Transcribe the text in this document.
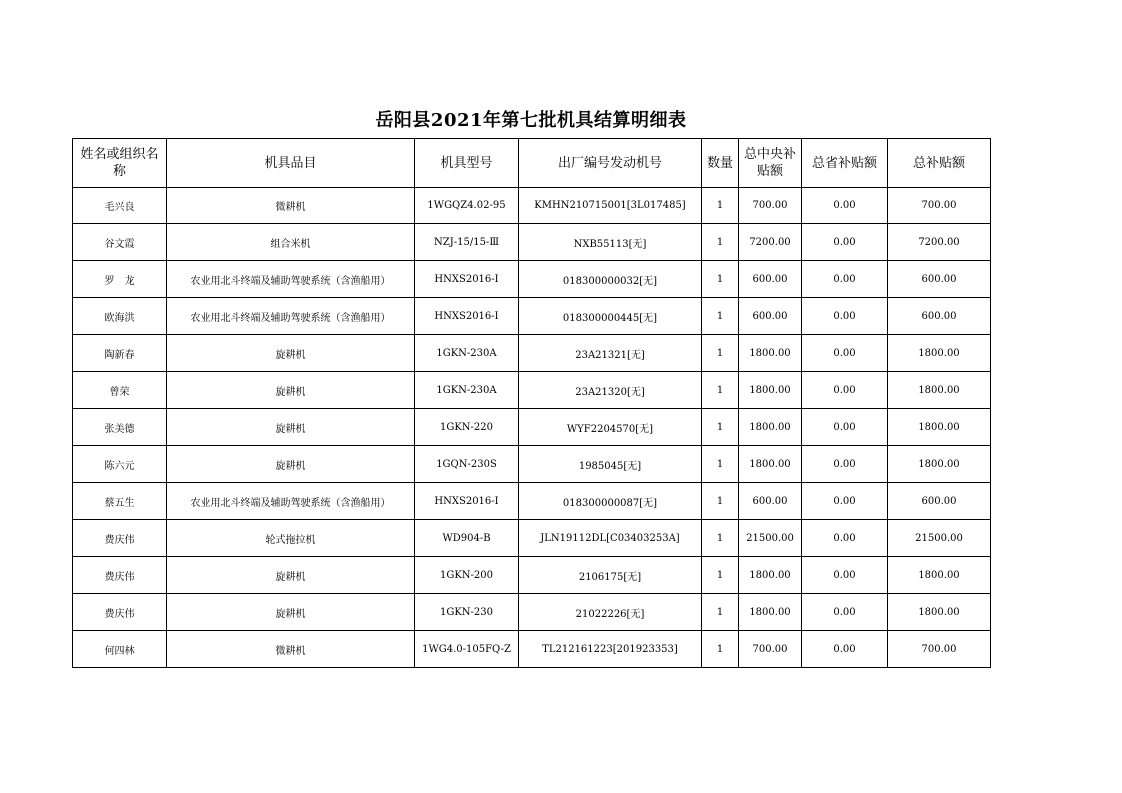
岳阳县2021年第七批机具结算明细表
姓名或组织名称	机具品目	机具型号	出厂编号发动机号	数量	总中央补贴额	总省补贴额	总补贴额
毛兴良	微耕机	1WGQZ4.02-95	KMHN210715001[3L017485]	1	700.00	0.00	700.00
谷文霞	组合米机	NZJ-15/15-Ⅲ	NXB55113[无]	1	7200.00	0.00	7200.00
罗　龙	农业用北斗终端及辅助驾驶系统（含渔船用）	HNXS2016-I	018300000032[无]	1	600.00	0.00	600.00
欧海洪	农业用北斗终端及辅助驾驶系统（含渔船用）	HNXS2016-I	018300000445[无]	1	600.00	0.00	600.00
陶新春	旋耕机	1GKN-230A	23A21321[无]	1	1800.00	0.00	1800.00
曾荣	旋耕机	1GKN-230A	23A21320[无]	1	1800.00	0.00	1800.00
张美德	旋耕机	1GKN-220	WYF2204570[无]	1	1800.00	0.00	1800.00
陈六元	旋耕机	1GQN-230S	1985045[无]	1	1800.00	0.00	1800.00
蔡五生	农业用北斗终端及辅助驾驶系统（含渔船用）	HNXS2016-I	018300000087[无]	1	600.00	0.00	600.00
费庆伟	轮式拖拉机	WD904-B	JLN19112DL[C03403253A]	1	21500.00	0.00	21500.00
费庆伟	旋耕机	1GKN-200	2106175[无]	1	1800.00	0.00	1800.00
费庆伟	旋耕机	1GKN-230	21022226[无]	1	1800.00	0.00	1800.00
何四林	微耕机	1WG4.0-105FQ-Z	TL212161223[201923353]	1	700.00	0.00	700.00
